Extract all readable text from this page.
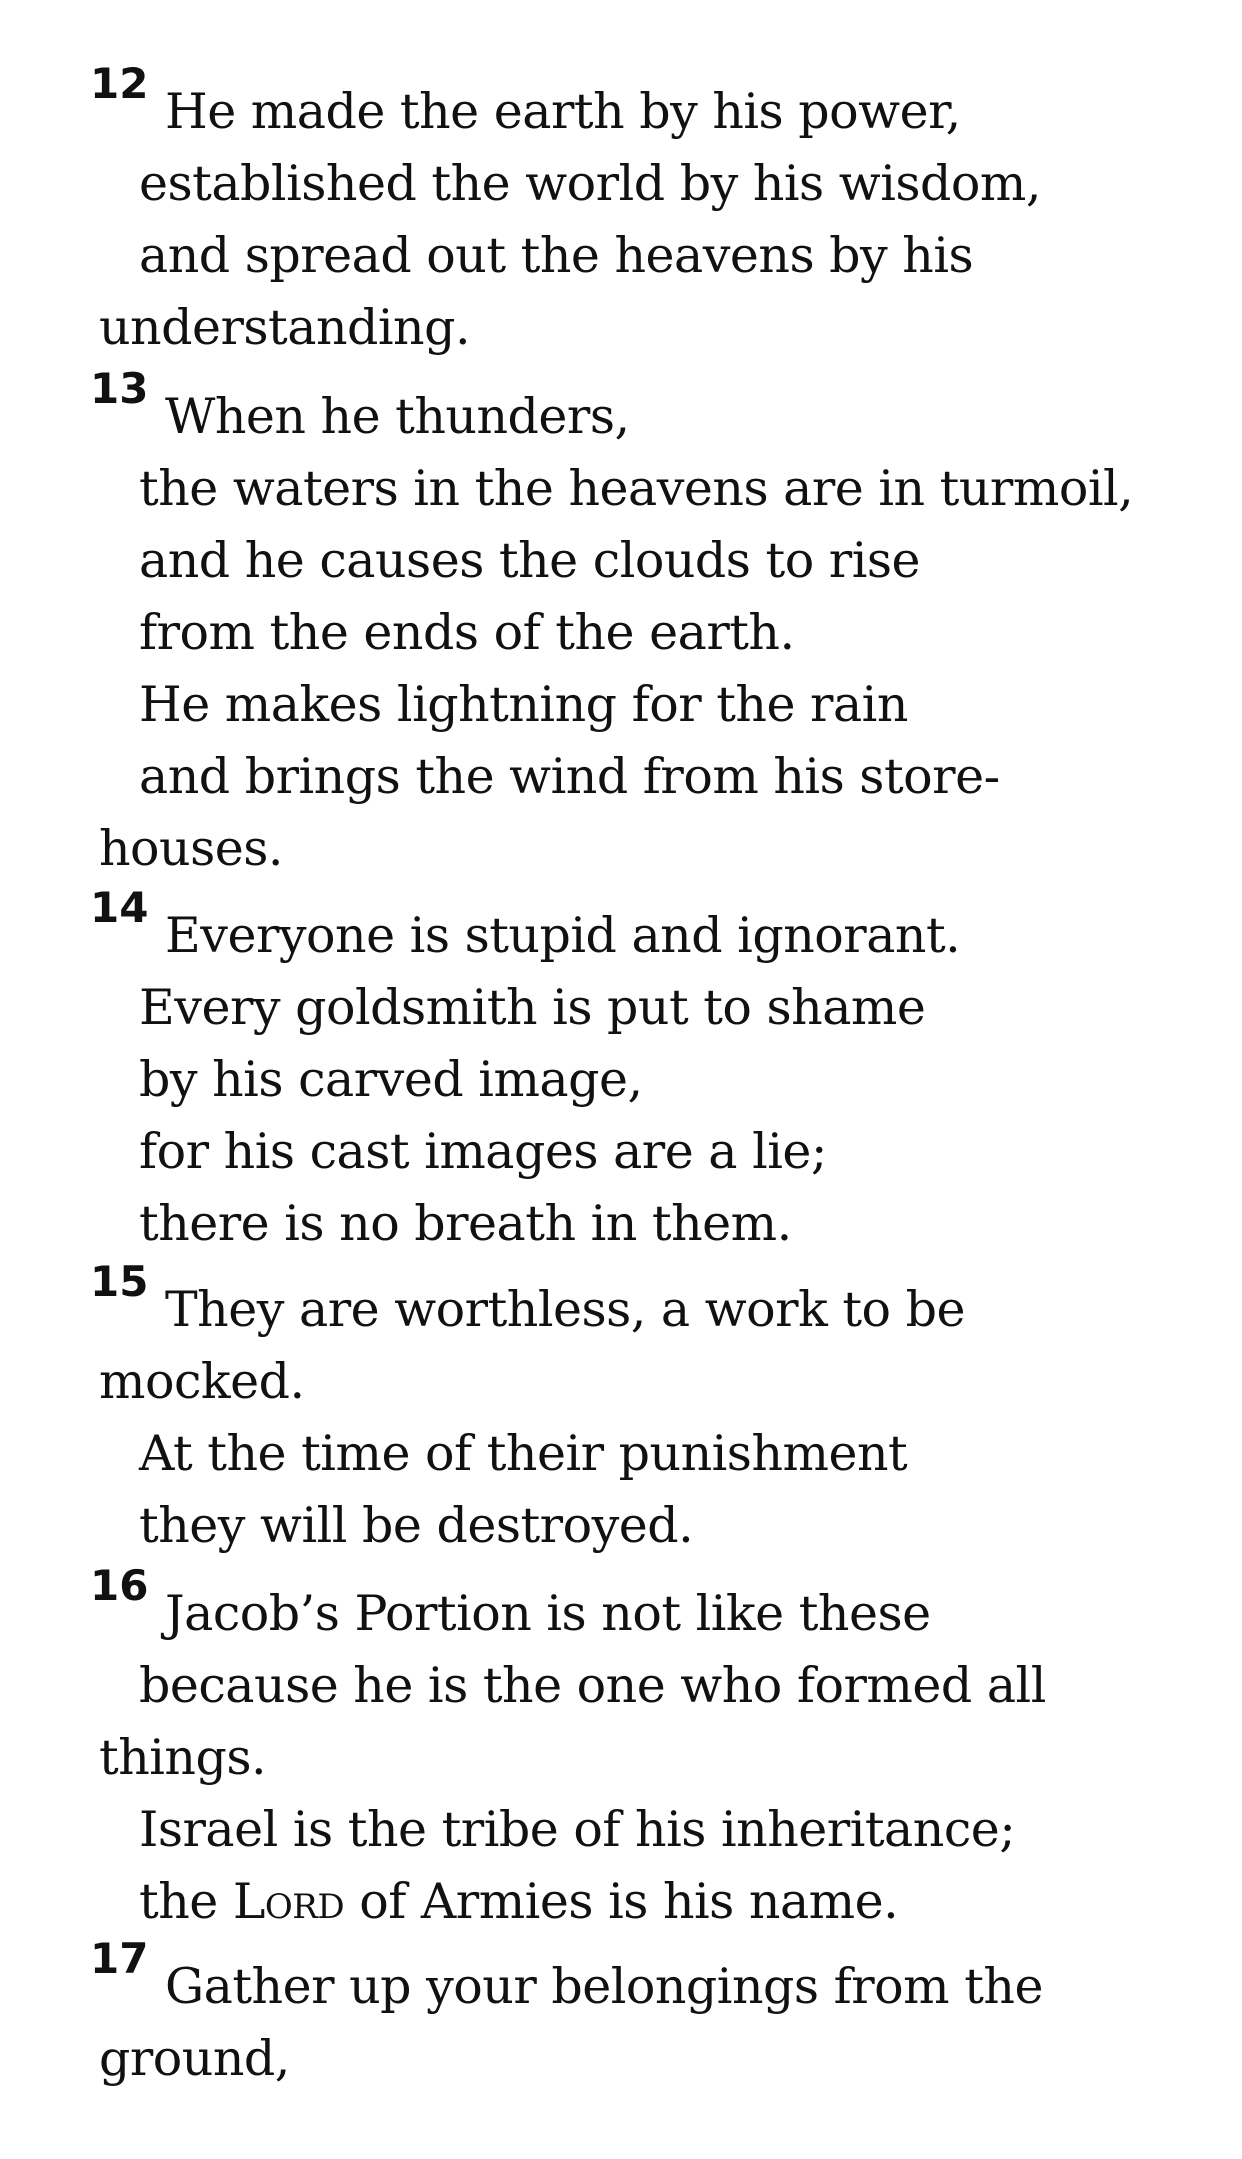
12 He made the earth by his power,
established the world by his wisdom,
and spread out the heavens by his
understanding.
13 When he thunders,
the waters in the heavens are in turmoil,
and he causes the clouds to rise
from the ends of the earth.
He makes lightning for the rain
and brings the wind from his store-
houses.
14 Everyone is stupid and ignorant.
Every goldsmith is put to shame
by his carved image,
for his cast images are a lie;
there is no breath in them.
15 They are worthless, a work to be
mocked.
At the time of their punishment
they will be destroyed.
16 Jacob’s Portion is not like these
because he is the one who formed all
things.
Israel is the tribe of his inheritance;
the Lord of Armies is his name.
17 Gather up your belongings from the
ground,
